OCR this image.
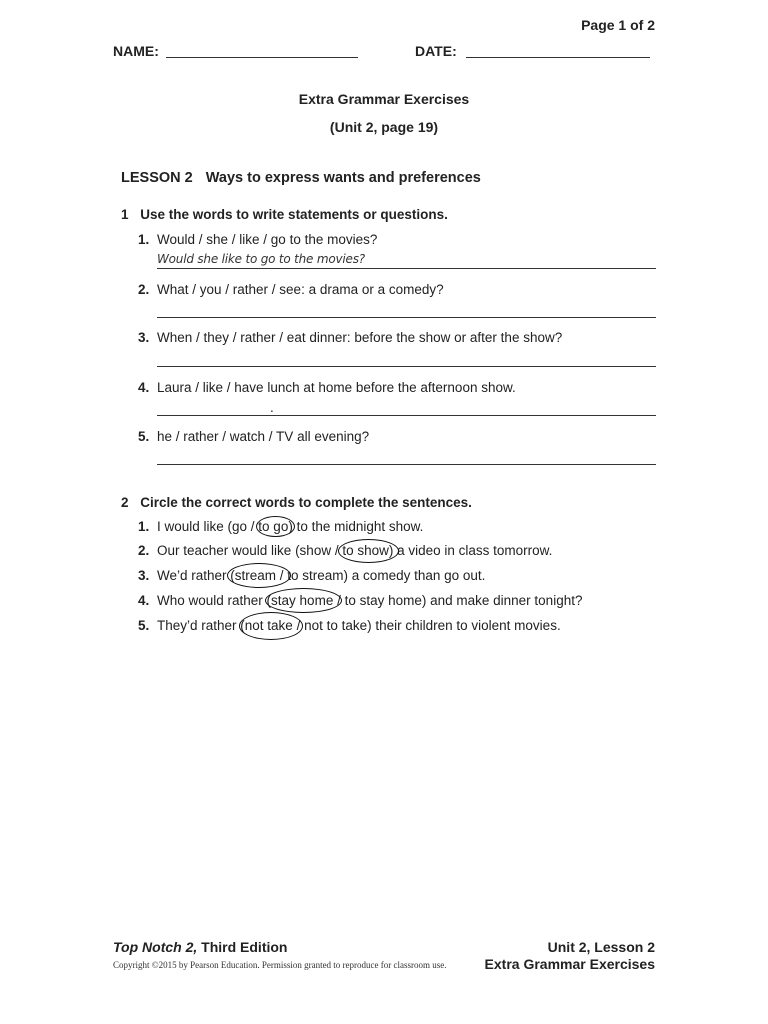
Page 1 of 2
NAME:	DATE:
Extra Grammar Exercises
(Unit 2, page 19)
LESSON 2 Ways to express wants and preferences
1 Use the words to write statements or questions.
1. Would / she / like / go to the movies?
Would she like to go to the movies?
2. What / you / rather / see: a drama or a comedy?
3. When / they / rather / eat dinner: before the show or after the show?
4. Laura / like / have lunch at home before the afternoon show.
.
5. he / rather / watch / TV all evening?
2 Circle the correct words to complete the sentences.
1. I would like (go / to go) to the midnight show.
2. Our teacher would like (show / to show) a video in class tomorrow.
3. We’d rather (stream / to stream) a comedy than go out.
4. Who would rather (stay home / to stay home) and make dinner tonight?
5. They’d rather (not take / not to take) their children to violent movies.
Top Notch 2, Third Edition
Copyright ©2015 by Pearson Education. Permission granted to reproduce for classroom use.
Unit 2, Lesson 2
Extra Grammar Exercises
